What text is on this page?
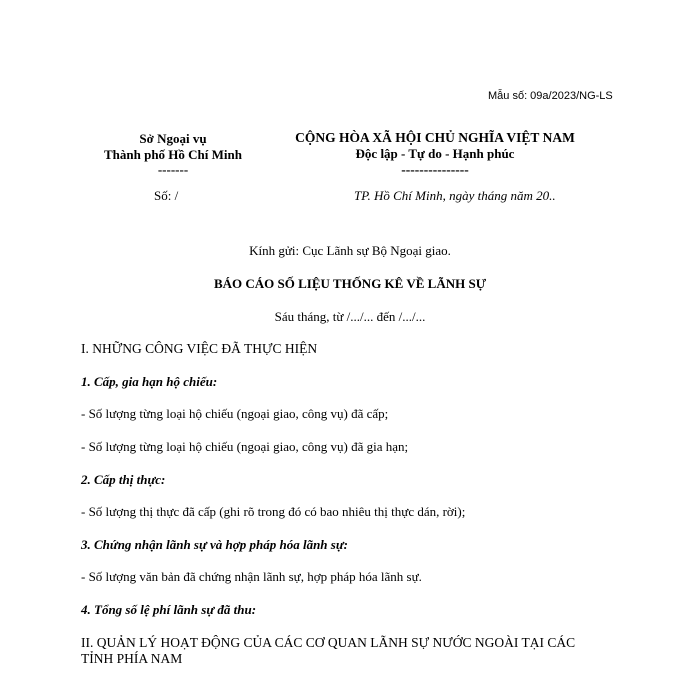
Mẫu số: 09a/2023/NG-LS
Sở Ngoại vụ
Thành phố Hồ Chí Minh
-------
CỘNG HÒA XÃ HỘI CHỦ NGHĨA VIỆT NAM
Độc lập - Tự do - Hạnh phúc
---------------
Số: /	TP. Hồ Chí Minh, ngày tháng năm 20..
Kính gửi: Cục Lãnh sự Bộ Ngoại giao.
BÁO CÁO SỐ LIỆU THỐNG KÊ VỀ LÃNH SỰ
Sáu tháng, từ /.../... đến /.../...
I. NHỮNG CÔNG VIỆC ĐÃ THỰC HIỆN
1. Cấp, gia hạn hộ chiếu:
- Số lượng từng loại hộ chiếu (ngoại giao, công vụ) đã cấp;
- Số lượng từng loại hộ chiếu (ngoại giao, công vụ) đã gia hạn;
2. Cấp thị thực:
- Số lượng thị thực đã cấp (ghi rõ trong đó có bao nhiêu thị thực dán, rời);
3. Chứng nhận lãnh sự và hợp pháp hóa lãnh sự:
- Số lượng văn bản đã chứng nhận lãnh sự, hợp pháp hóa lãnh sự.
4. Tổng số lệ phí lãnh sự đã thu:
II. QUẢN LÝ HOẠT ĐỘNG CỦA CÁC CƠ QUAN LÃNH SỰ NƯỚC NGOÀI TẠI CÁC
TỈNH PHÍA NAM
